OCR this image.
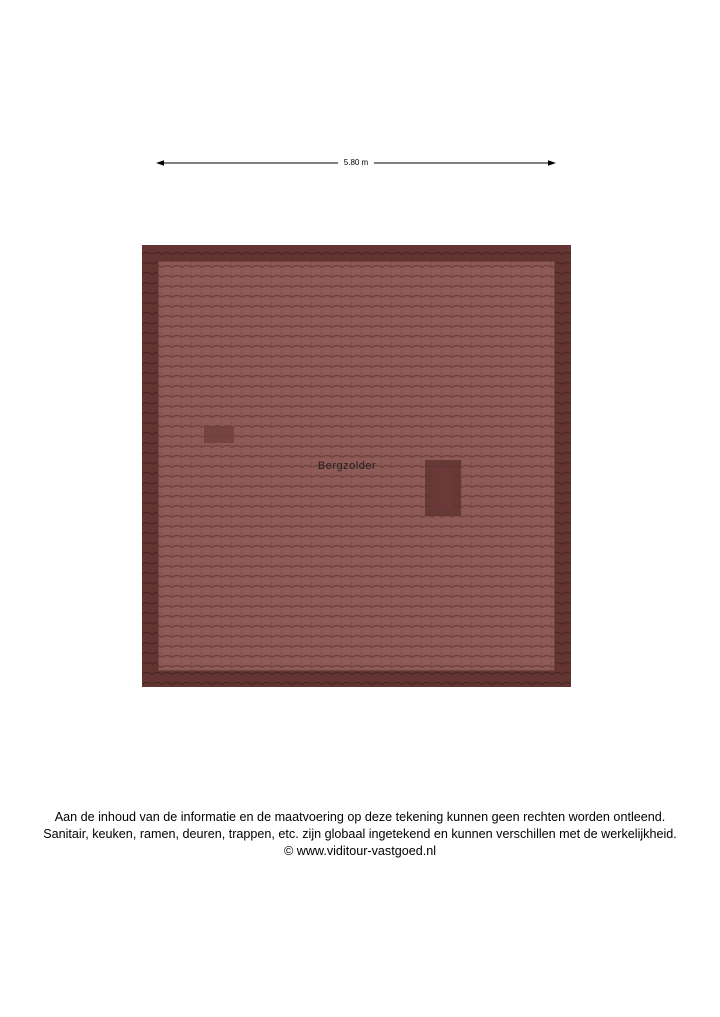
5.80 m
Bergzolder
Aan de inhoud van de informatie en de maatvoering op deze tekening kunnen geen rechten worden ontleend.
Sanitair, keuken, ramen, deuren, trappen, etc. zijn globaal ingetekend en kunnen verschillen met de werkelijkheid.
© www.viditour-vastgoed.nl
